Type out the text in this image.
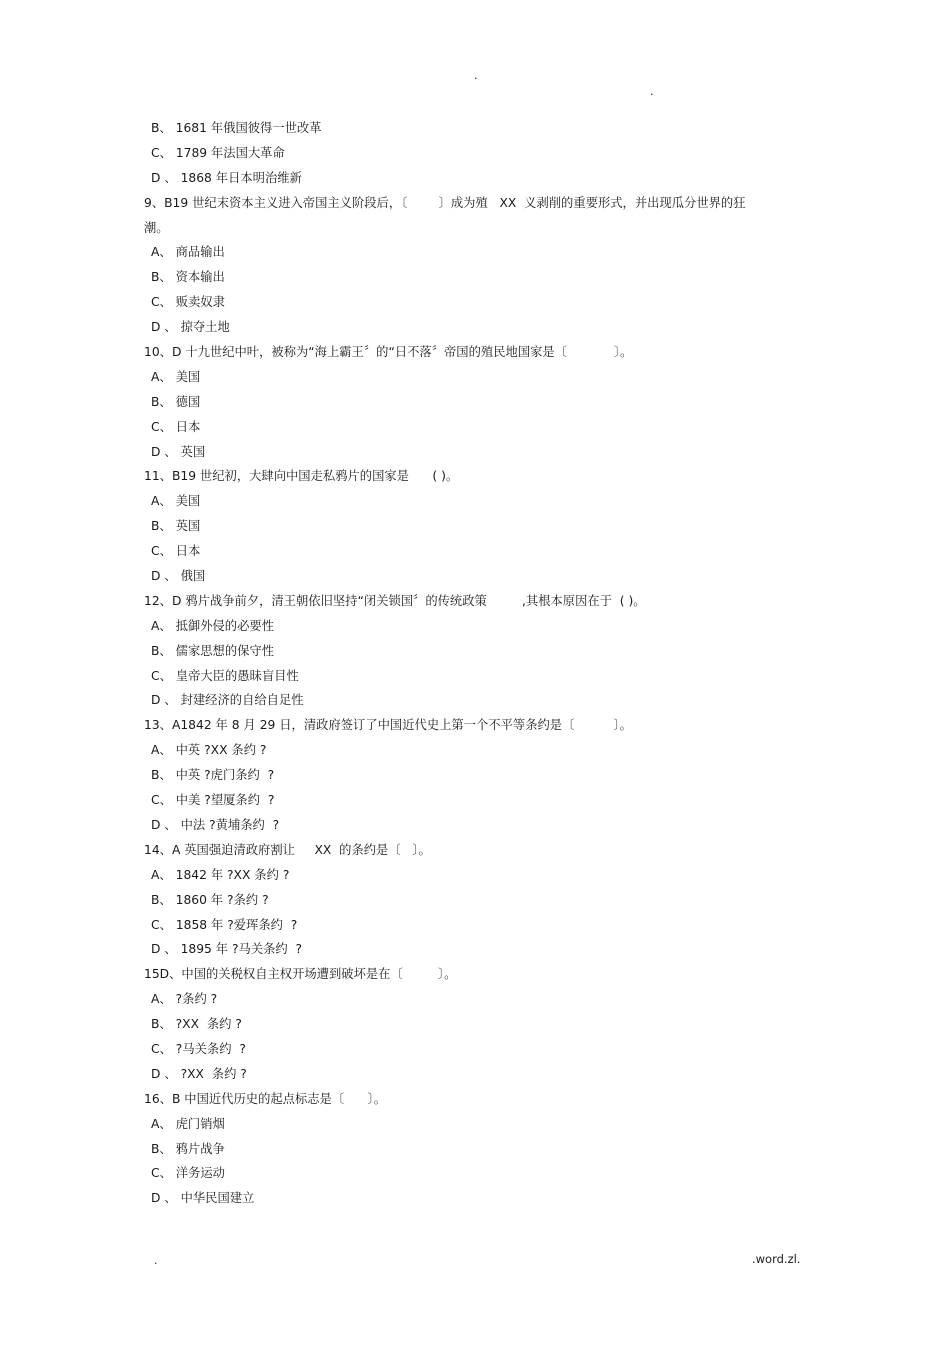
.
.
B、 1681 年俄国彼得一世改革
C、 1789 年法国大革命
D 、 1868 年日本明治维新
9、B19 世纪末资本主义进入帝国主义阶段后，〔        〕成为殖   XX  义剥削的重要形式，并出现瓜分世界的狂
潮。
A、 商品输出
B、 资本输出
C、 贩卖奴隶
D 、 掠夺土地
10、D 十九世纪中叶，被称为“海上霸王〞的“日不落〞帝国的殖民地国家是〔            〕。
A、 美国
B、 德国
C、 日本
D 、 英国
11、B19 世纪初，大肆向中国走私鸦片的国家是      ( )。
A、 美国
B、 英国
C、 日本
D 、 俄国
12、D 鸦片战争前夕，清王朝依旧坚持“闭关锁国〞的传统政策         ,其根本原因在于  ( )。
A、 抵御外侵的必要性
B、 儒家思想的保守性
C、 皇帝大臣的愚昧盲目性
D 、 封建经济的自给自足性
13、A1842 年 8 月 29 日，清政府签订了中国近代史上第一个不平等条约是〔          〕。
A、 中英 ?XX 条约 ?
B、 中英 ?虎门条约  ?
C、 中美 ?望厦条约  ?
D 、 中法 ?黄埔条约  ?
14、A 英国强迫清政府割让     XX  的条约是〔   〕。
A、 1842 年 ?XX 条约 ?
B、 1860 年 ?条约 ?
C、 1858 年 ?爱珲条约  ?
D 、 1895 年 ?马关条约  ?
15D、中国的关税权自主权开场遭到破坏是在〔         〕。
A、 ?条约 ?
B、 ?XX  条约 ?
C、 ?马关条约  ?
D 、 ?XX  条约 ?
16、B 中国近代历史的起点标志是〔      〕。
A、 虎门销烟
B、 鸦片战争
C、 洋务运动
D 、 中华民国建立
.	.word.zl.
